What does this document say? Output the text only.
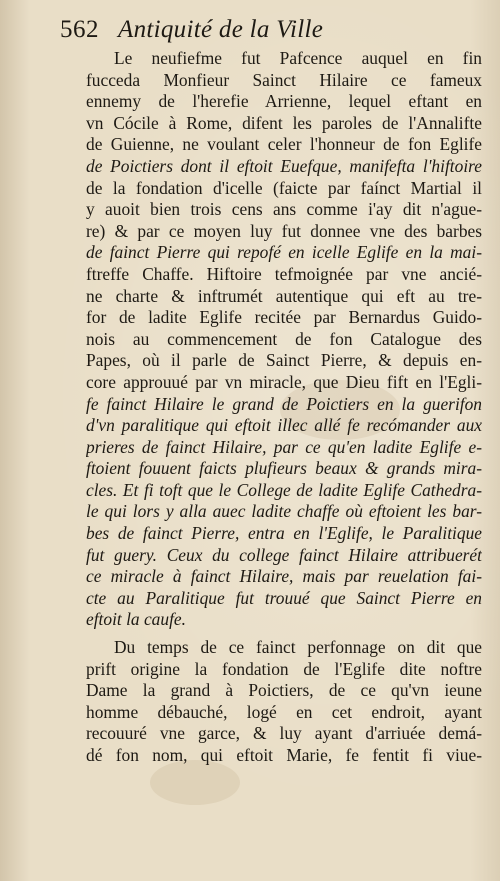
562 Antiquité de la Ville
Le neufiefme fut Pafcence auquel en fin
fucceda Monfieur Sainct Hilaire ce fameux
ennemy de l'herefie Arrienne, lequel eftant en
vn Cócile à Rome, difent les paroles de l'Annalifte
de Guienne, ne voulant celer l'honneur de fon Eglife
de Poictiers dont il eftoit Euefque, manifefta l'hiftoire
de la fondation d'icelle (faicte par faínct Martial il
y auoit bien trois cens ans comme i'ay dit n'ague-
re) & par ce moyen luy fut donnee vne des barbes
de fainct Pierre qui repofé en icelle Eglife en la mai-
ftreffe Chaffe. Hiftoire tefmoignée par vne ancié-
ne charte & inftrumét autentique qui eft au tre-
for de ladite Eglife recitée par Bernardus Guido-
nois au commencement de fon Catalogue des
Papes, où il parle de Sainct Pierre, & depuis en-
core approuué par vn miracle, que Dieu fift en l'Egli-
fe fainct Hilaire le grand de Poictiers en la guerifon
d'vn paralitique qui eftoit illec allé fe recómander aux
prieres de fainct Hilaire, par ce qu'en ladite Eglife e-
ftoient fouuent faicts plufieurs beaux & grands mira-
cles. Et fi toft que le College de ladite Eglife Cathedra-
le qui lors y alla auec ladite chaffe où eftoient les bar-
bes de fainct Pierre, entra en l'Eglife, le Paralitique
fut guery. Ceux du college fainct Hilaire attribuerét
ce miracle à fainct Hilaire, mais par reuelation fai-
cte au Paralitique fut trouué que Sainct Pierre en
eftoit la caufe.
Du temps de ce fainct perfonnage on dit que
prift origine la fondation de l'Eglife dite noftre
Dame la grand à Poictiers, de ce qu'vn ieune
homme débauché, logé en cet endroit, ayant
recouuré vne garce, & luy ayant d'arriuée demá-
dé fon nom, qui eftoit Marie, fe fentit fi viue-
